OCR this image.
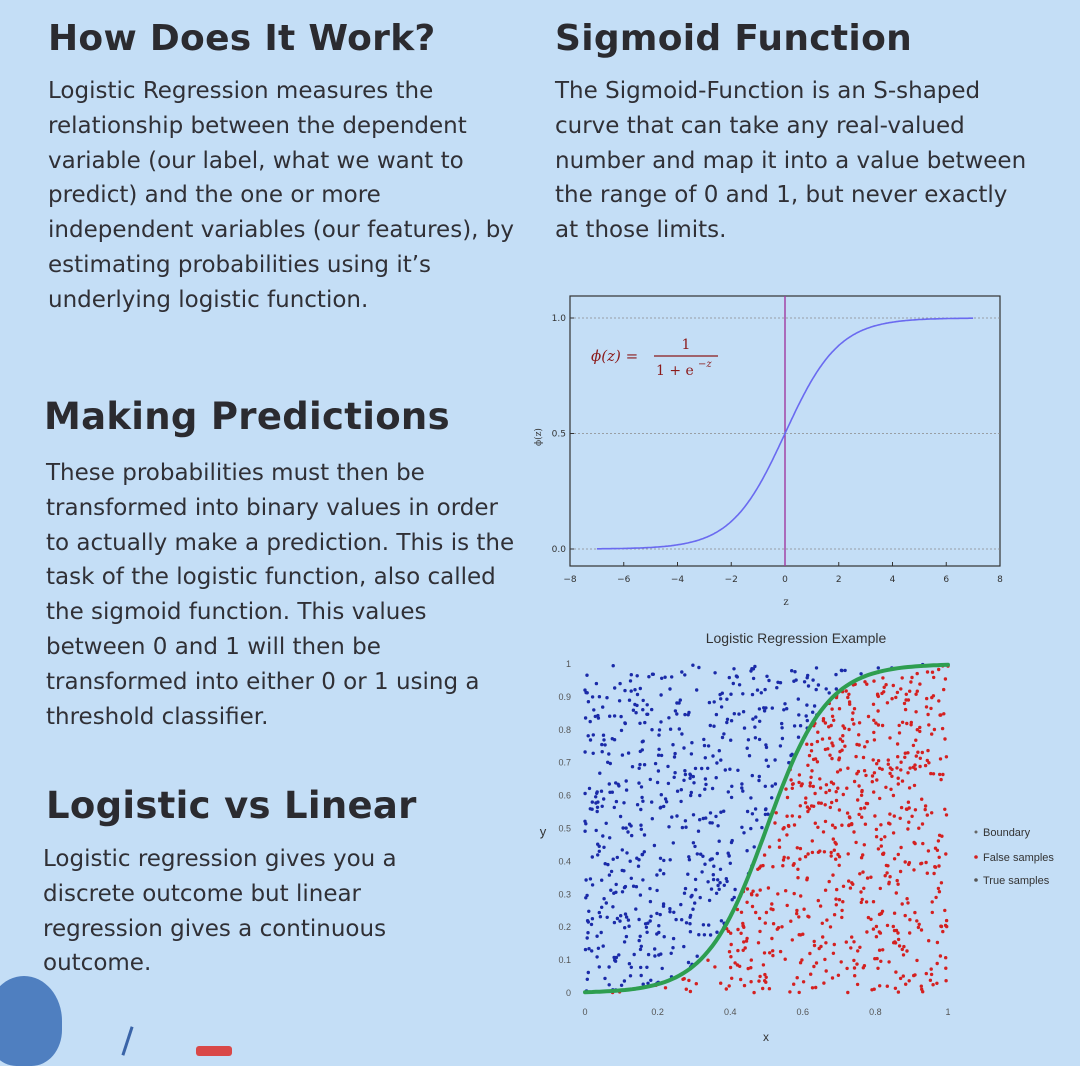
How Does It Work?

Logistic Regression measures the relationship between the dependent variable (our label, what we want to predict) and the one or more independent variables (our features), by estimating probabilities using it’s underlying logistic function.

Sigmoid Function

The Sigmoid-Function is an S-shaped curve that can take any real-valued number and map it into a value between the range of 0 and 1, but never exactly at those limits.

Making Predictions

These probabilities must then be transformed into binary values in order to actually make a prediction. This is the task of the logistic function, also called the sigmoid function. This values between 0 and 1 will then be transformed into either 0 or 1 using a threshold classifier.

Logistic vs Linear

Logistic regression gives you a discrete outcome but linear regression gives a continuous outcome.

−8	−6	−4	−2	0	2	4	6	8
0.0
0.5
1.0
z
ϕ(z)
ϕ(z) =
1
1 + e −z
Logistic Regression Example
0	0.2	0.4	0.6	0.8	1
0
0.1
0.2
0.3
0.4
0.5
0.6
0.7
0.8
0.9
1
x
y	Boundary
False samples
True samples
